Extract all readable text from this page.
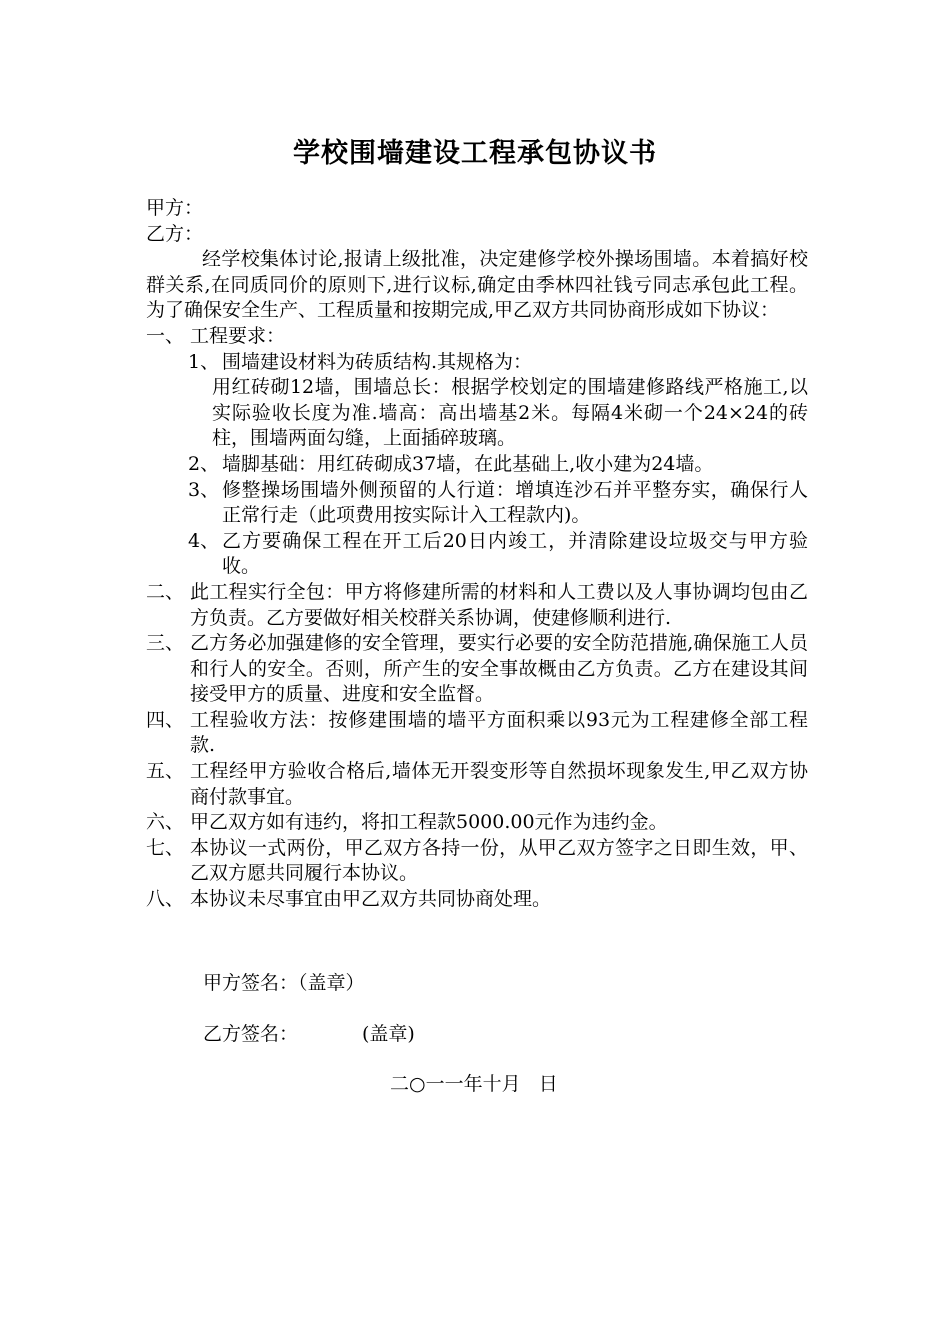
学校围墙建设工程承包协议书

甲方：

乙方：

经学校集体讨论,报请上级批准，决定建修学校外操场围墙。本着搞好校群关系,在同质同价的原则下,进行议标,确定由季林四社钱亏同志承包此工程。为了确保安全生产、工程质量和按期完成,甲乙双方共同协商形成如下协议：

一、 工程要求：
1、 围墙建设材料为砖质结构.其规格为：

用红砖砌12墙，围墙总长：根据学校划定的围墙建修路线严格施工,以实际验收长度为准.墙高：高出墙基2米。每隔4米砌一个24×24的砖柱，围墙两面勾缝，上面插碎玻璃。

2、 墙脚基础：用红砖砌成37墙，在此基础上,收小建为24墙。
3、 修整操场围墙外侧预留的人行道：增填连沙石并平整夯实，确保行人正常行走（此项费用按实际计入工程款内)。
4、 乙方要确保工程在开工后20日内竣工，并清除建设垃圾交与甲方验收。
二、 此工程实行全包：甲方将修建所需的材料和人工费以及人事协调均包由乙方负责。乙方要做好相关校群关系协调，使建修顺利进行.
三、 乙方务必加强建修的安全管理，要实行必要的安全防范措施,确保施工人员和行人的安全。否则，所产生的安全事故概由乙方负责。乙方在建设其间接受甲方的质量、进度和安全监督。
四、 工程验收方法：按修建围墙的墙平方面积乘以93元为工程建修全部工程款.
五、 工程经甲方验收合格后,墙体无开裂变形等自然损坏现象发生,甲乙双方协商付款事宜。
六、 甲乙双方如有违约，将扣工程款5000.00元作为违约金。
七、 本协议一式两份，甲乙双方各持一份，从甲乙双方签字之日即生效，甲、乙双方愿共同履行本协议。
八、 本协议未尽事宜由甲乙双方共同协商处理。
甲方签名：（盖章）
乙方签名：	(盖章)
二○一一年十月   日
